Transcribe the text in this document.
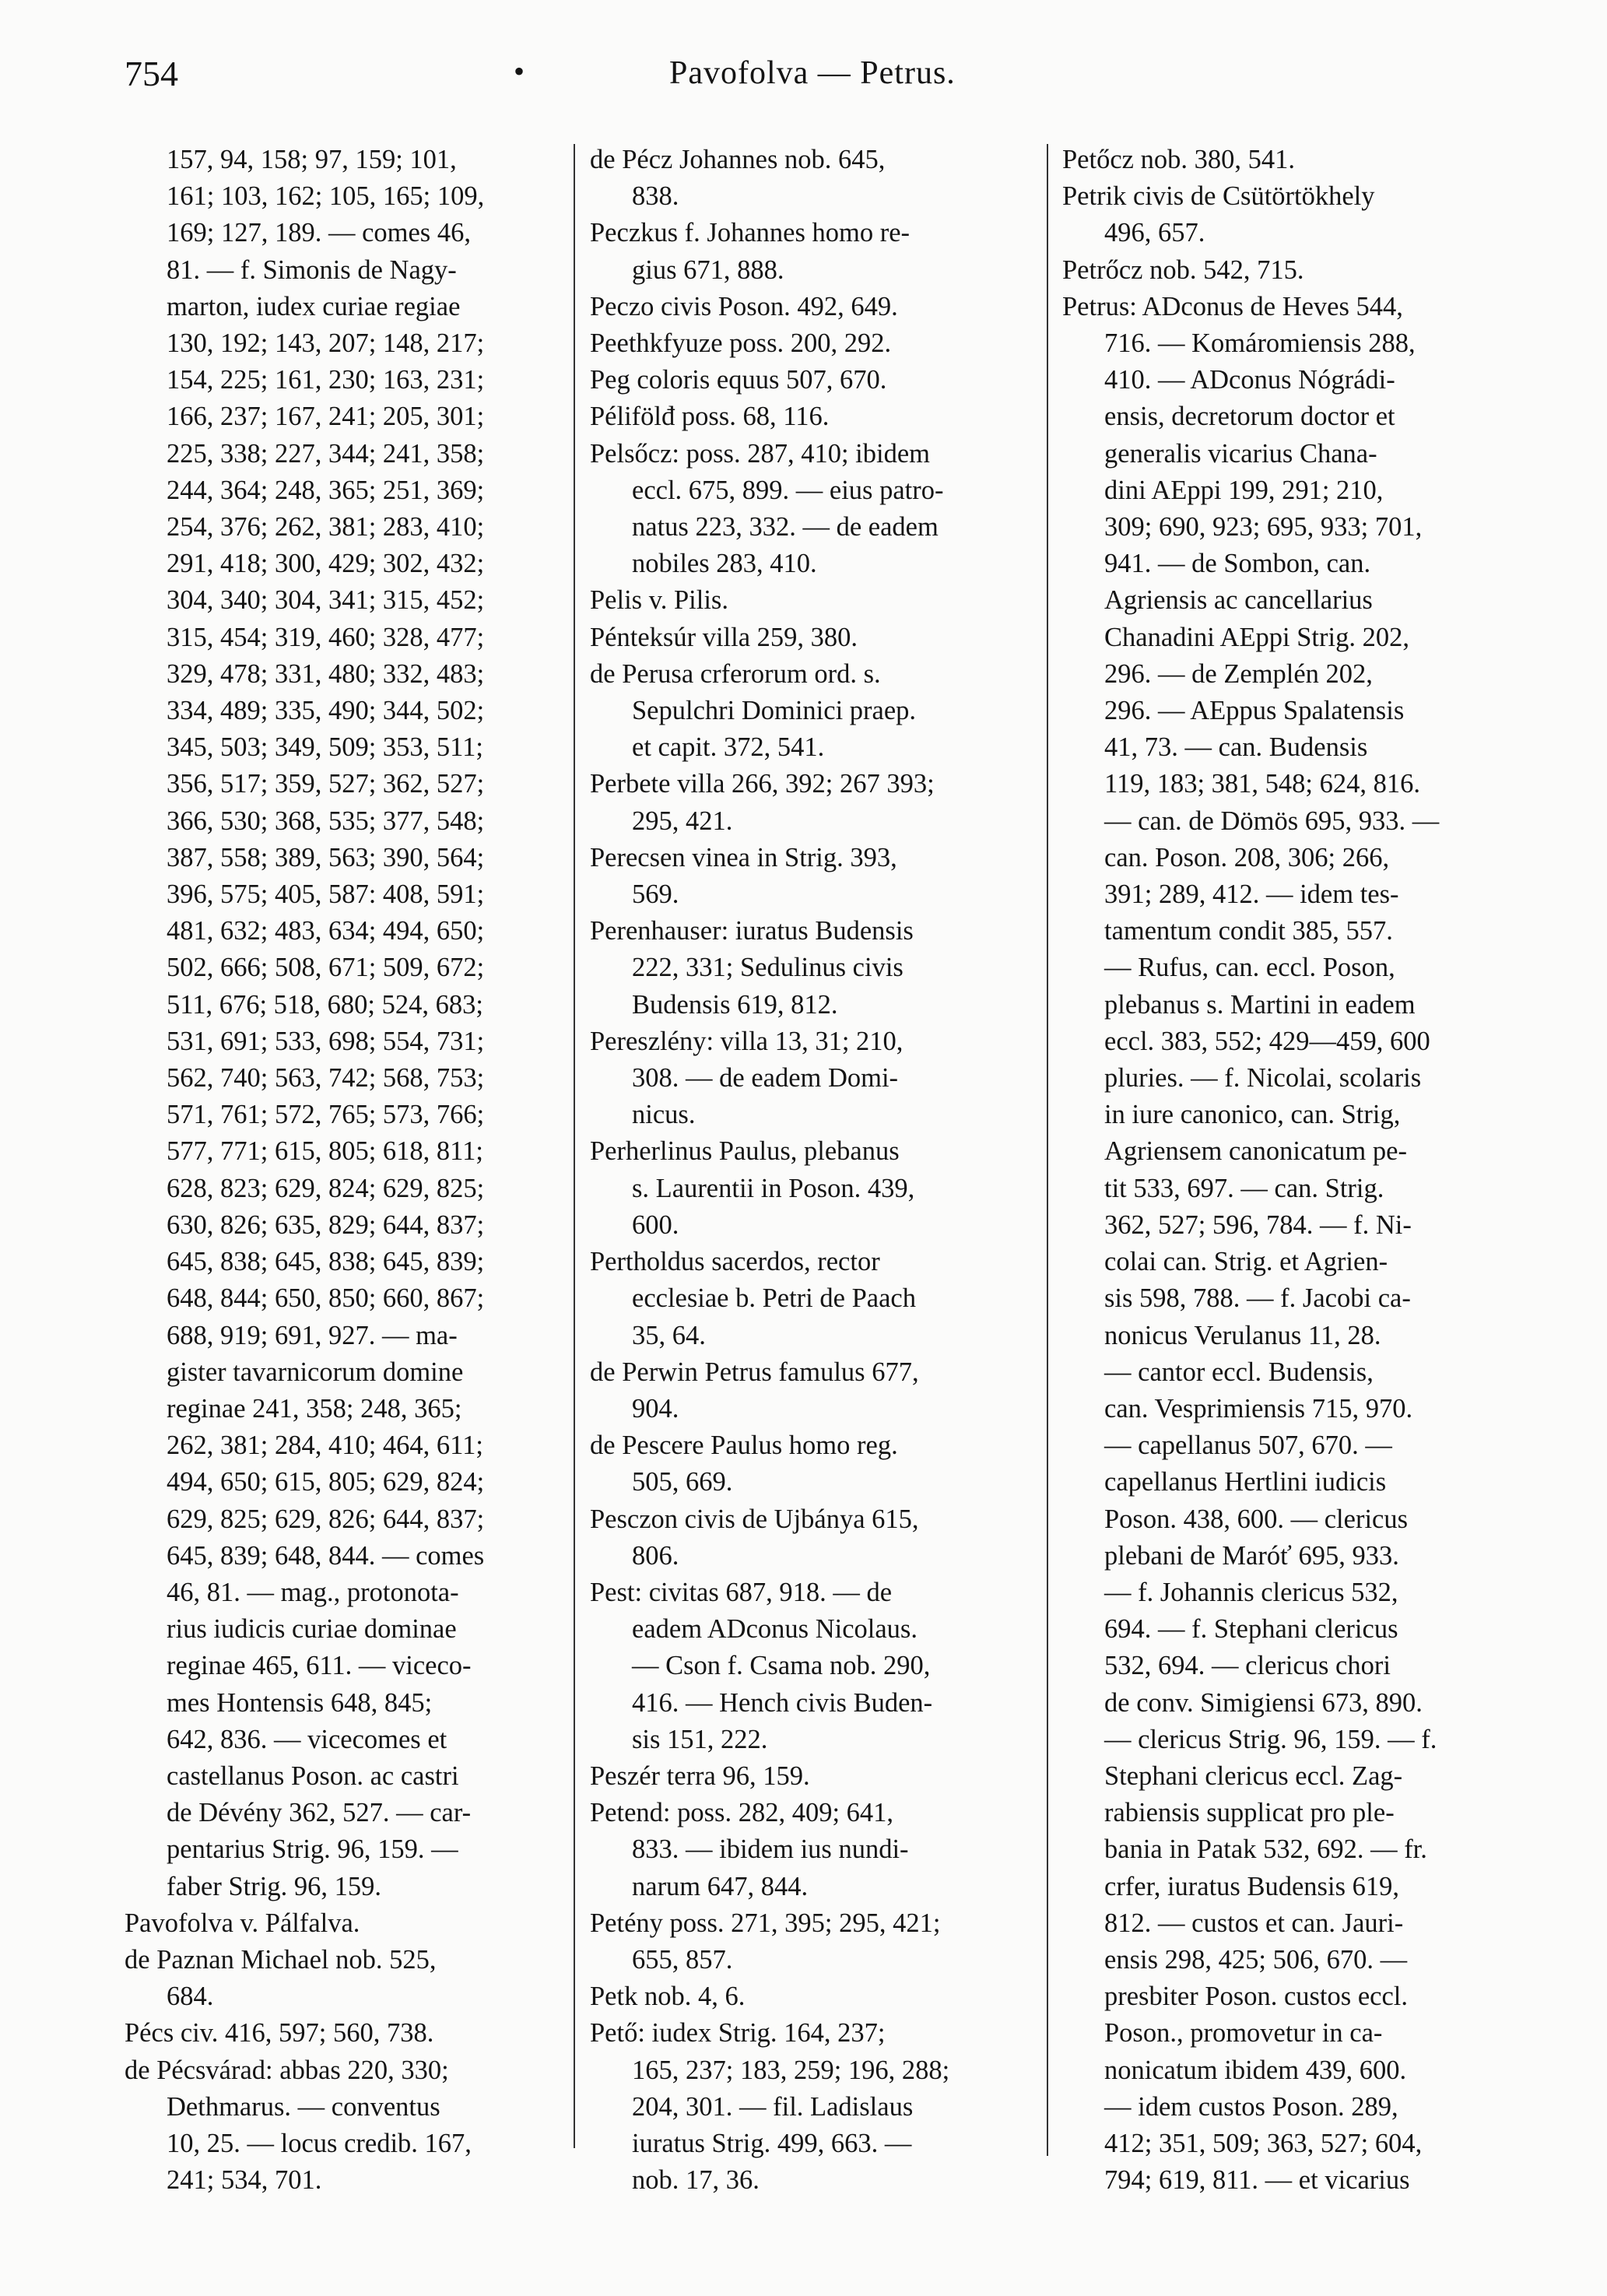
754	•	Pavofolva — Petrus.
157, 94, 158; 97, 159; 101,
161; 103, 162; 105, 165; 109,
169; 127, 189. — comes 46,
81. — f. Simonis de Nagy-
marton, iudex curiae regiae
130, 192; 143, 207; 148, 217;
154, 225; 161, 230; 163, 231;
166, 237; 167, 241; 205, 301;
225, 338; 227, 344; 241, 358;
244, 364; 248, 365; 251, 369;
254, 376; 262, 381; 283, 410;
291, 418; 300, 429; 302, 432;
304, 340; 304, 341; 315, 452;
315, 454; 319, 460; 328, 477;
329, 478; 331, 480; 332, 483;
334, 489; 335, 490; 344, 502;
345, 503; 349, 509; 353, 511;
356, 517; 359, 527; 362, 527;
366, 530; 368, 535; 377, 548;
387, 558; 389, 563; 390, 564;
396, 575; 405, 587: 408, 591;
481, 632; 483, 634; 494, 650;
502, 666; 508, 671; 509, 672;
511, 676; 518, 680; 524, 683;
531, 691; 533, 698; 554, 731;
562, 740; 563, 742; 568, 753;
571, 761; 572, 765; 573, 766;
577, 771; 615, 805; 618, 811;
628, 823; 629, 824; 629, 825;
630, 826; 635, 829; 644, 837;
645, 838; 645, 838; 645, 839;
648, 844; 650, 850; 660, 867;
688, 919; 691, 927. — ma-
gister tavarnicorum domine
reginae 241, 358; 248, 365;
262, 381; 284, 410; 464, 611;
494, 650; 615, 805; 629, 824;
629, 825; 629, 826; 644, 837;
645, 839; 648, 844. — comes
46, 81. — mag., protonota-
rius iudicis curiae dominae
reginae 465, 611. — viceco-
mes Hontensis 648, 845;
642, 836. — vicecomes et
castellanus Poson. ac castri
de Dévény 362, 527. — car-
pentarius Strig. 96, 159. —
faber Strig. 96, 159.
Pavofolva v. Pálfalva.
de Paznan Michael nob. 525,
684.
Pécs civ. 416, 597; 560, 738.
de Pécsvárad: abbas 220, 330;
Dethmarus. — conventus
10, 25. — locus credib. 167,
241; 534, 701.
de Pécz Johannes nob. 645,
838.
Peczkus f. Johannes homo re-
gius 671, 888.
Peczo civis Poson. 492, 649.
Peethkfyuze poss. 200, 292.
Peg coloris equus 507, 670.
Pélifölđ poss. 68, 116.
Pelsőcz: poss. 287, 410; ibidem
eccl. 675, 899. — eius patro-
natus 223, 332. — de eadem
nobiles 283, 410.
Pelis v. Pilis.
Pénteksúr villa 259, 380.
de Perusa crferorum ord. s.
Sepulchri Dominici praep.
et capit. 372, 541.
Perbete villa 266, 392; 267 393;
295, 421.
Perecsen vinea in Strig. 393,
569.
Perenhauser: iuratus Budensis
222, 331; Sedulinus civis
Budensis 619, 812.
Pereszlény: villa 13, 31; 210,
308. — de eadem Domi-
nicus.
Perherlinus Paulus, plebanus
s. Laurentii in Poson. 439,
600.
Pertholdus sacerdos, rector
ecclesiae b. Petri de Paach
35, 64.
de Perwin Petrus famulus 677,
904.
de Pescere Paulus homo reg.
505, 669.
Pesczon civis de Ujbánya 615,
806.
Pest: civitas 687, 918. — de
eadem ADconus Nicolaus.
— Cson f. Csama nob. 290,
416. — Hench civis Buden-
sis 151, 222.
Peszér terra 96, 159.
Petend: poss. 282, 409; 641,
833. — ibidem ius nundi-
narum 647, 844.
Petény poss. 271, 395; 295, 421;
655, 857.
Petk nob. 4, 6.
Pető: iudex Strig. 164, 237;
165, 237; 183, 259; 196, 288;
204, 301. — fil. Ladislaus
iuratus Strig. 499, 663. —
nob. 17, 36.
Petőcz nob. 380, 541.
Petrik civis de Csütörtökhely
496, 657.
Petrőcz nob. 542, 715.
Petrus: ADconus de Heves 544,
716. — Komáromiensis 288,
410. — ADconus Nógrádi-
ensis, decretorum doctor et
generalis vicarius Chana-
dini AEppi 199, 291; 210,
309; 690, 923; 695, 933; 701,
941. — de Sombon, can.
Agriensis ac cancellarius
Chanadini AEppi Strig. 202,
296. — de Zemplén 202,
296. — AEppus Spalatensis
41, 73. — can. Budensis
119, 183; 381, 548; 624, 816.
— can. de Dömös 695, 933. —
can. Poson. 208, 306; 266,
391; 289, 412. — idem tes-
tamentum condit 385, 557.
— Rufus, can. eccl. Poson,
plebanus s. Martini in eadem
eccl. 383, 552; 429—459, 600
pluries. — f. Nicolai, scolaris
in iure canonico, can. Strig,
Agriensem canonicatum pe-
tit 533, 697. — can. Strig.
362, 527; 596, 784. — f. Ni-
colai can. Strig. et Agrien-
sis 598, 788. — f. Jacobi ca-
nonicus Verulanus 11, 28.
— cantor eccl. Budensis,
can. Vesprimiensis 715, 970.
— capellanus 507, 670. —
capellanus Hertlini iudicis
Poson. 438, 600. — clericus
plebani de Maróť 695, 933.
— f. Johannis clericus 532,
694. — f. Stephani clericus
532, 694. — clericus chori
de conv. Simigiensi 673, 890.
— clericus Strig. 96, 159. — f.
Stephani clericus eccl. Zag-
rabiensis supplicat pro ple-
bania in Patak 532, 692. — fr.
crfer, iuratus Budensis 619,
812. — custos et can. Jauri-
ensis 298, 425; 506, 670. —
presbiter Poson. custos eccl.
Poson., promovetur in ca-
nonicatum ibidem 439, 600.
— idem custos Poson. 289,
412; 351, 509; 363, 527; 604,
794; 619, 811. — et vicarius
